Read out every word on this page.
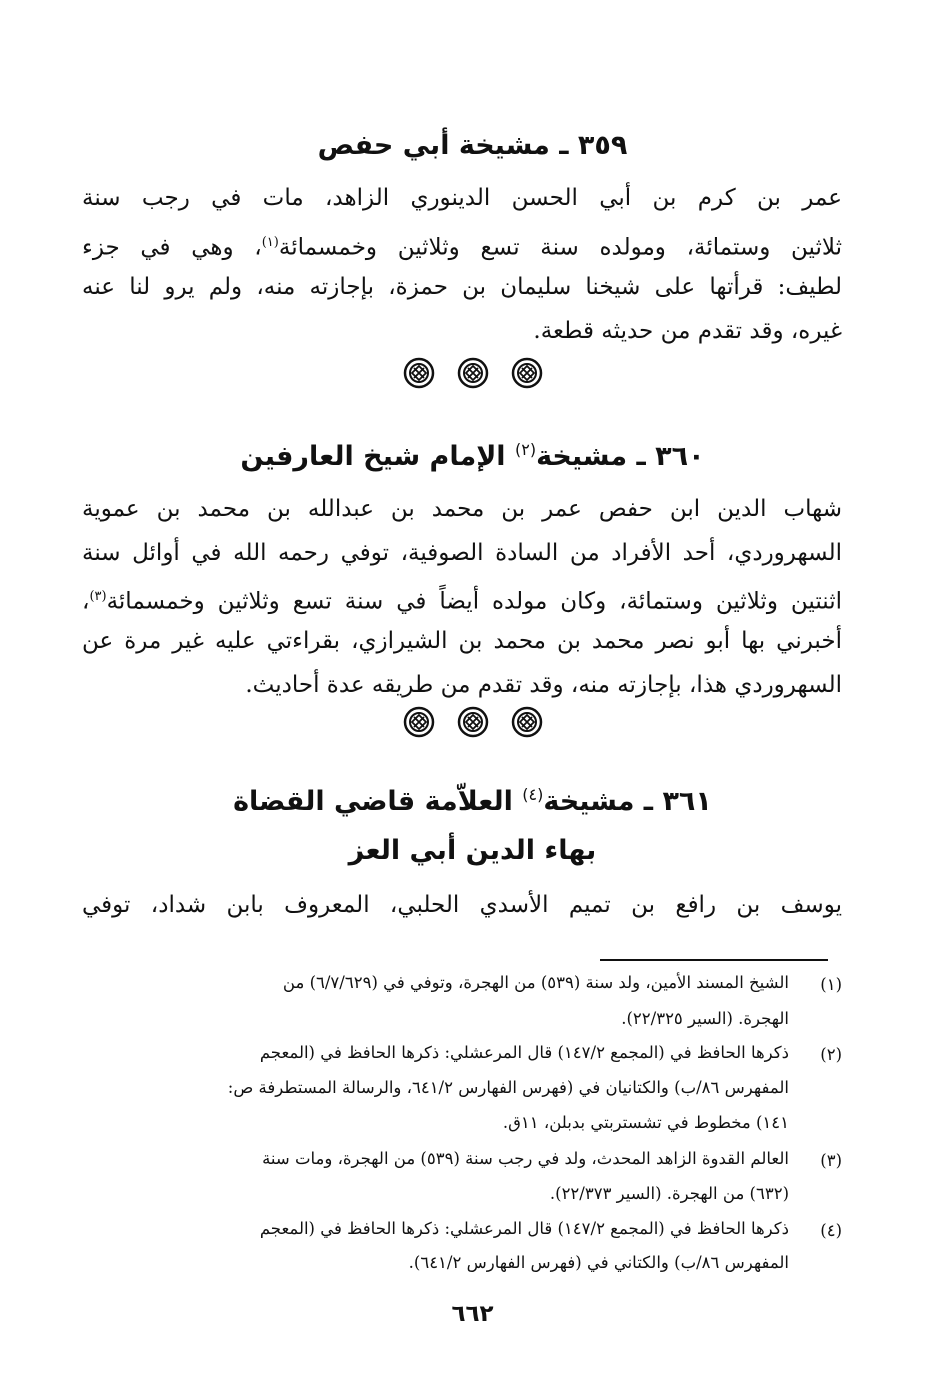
٣٥٩ ـ مشيخة أبي حفص
عمر بن كرم بن أبي الحسن الدينوري الزاهد، مات في رجب سنة
ثلاثين وستمائة، ومولده سنة تسع وثلاثين وخمسمائة$^{(١)}$، وهي في جزء
لطيف: قرأتها على شيخنا سليمان بن حمزة، بإجازته منه، ولم يرو لنا عنه
غيره، وقد تقدم من حديثه قطعة.
٣٦٠ ـ مشيخة$^{(٢)}$ الإمام شيخ العارفين
شهاب الدين ابن حفص عمر بن محمد بن عبدالله بن محمد بن عموية
السهروردي، أحد الأفراد من السادة الصوفية، توفي رحمه الله في أوائل سنة
اثنتين وثلاثين وستمائة، وكان مولده أيضاً في سنة تسع وثلاثين وخمسمائة$^{(٣)}$،
أخبرني بها أبو نصر محمد بن محمد بن الشيرازي، بقراءتي عليه غير مرة عن
السهروردي هذا، بإجازته منه، وقد تقدم من طريقه عدة أحاديث.
٣٦١ ـ مشيخة$^{(٤)}$ العلاّمة قاضي القضاة
بهاء الدين أبي العز
يوسف بن رافع بن تميم الأسدي الحلبي، المعروف بابن شداد، توفي
(١)
الشيخ المسند الأمين، ولد سنة (٥٣٩) من الهجرة، وتوفي في (٦/٧/٦٢٩) من
الهجرة. (السير ٢٢/٣٢٥).
(٢)
ذكرها الحافظ في (المجمع ١٤٧/٢) قال المرعشلي: ذكرها الحافظ في (المعجم
المفهرس ٨٦/ب) والكتانيان في (فهرس الفهارس ٦٤١/٢، والرسالة المستطرفة ص:
١٤١) مخطوط في تشستربتي بدبلن، ١١ق.
(٣)
العالم القدوة الزاهد المحدث، ولد في رجب سنة (٥٣٩) من الهجرة، ومات سنة
(٦٣٢) من الهجرة. (السير ٢٢/٣٧٣).
(٤)
ذكرها الحافظ في (المجمع ١٤٧/٢) قال المرعشلي: ذكرها الحافظ في (المعجم
المفهرس ٨٦/ب) والكتاني في (فهرس الفهارس ٦٤١/٢).
٦٦٢
